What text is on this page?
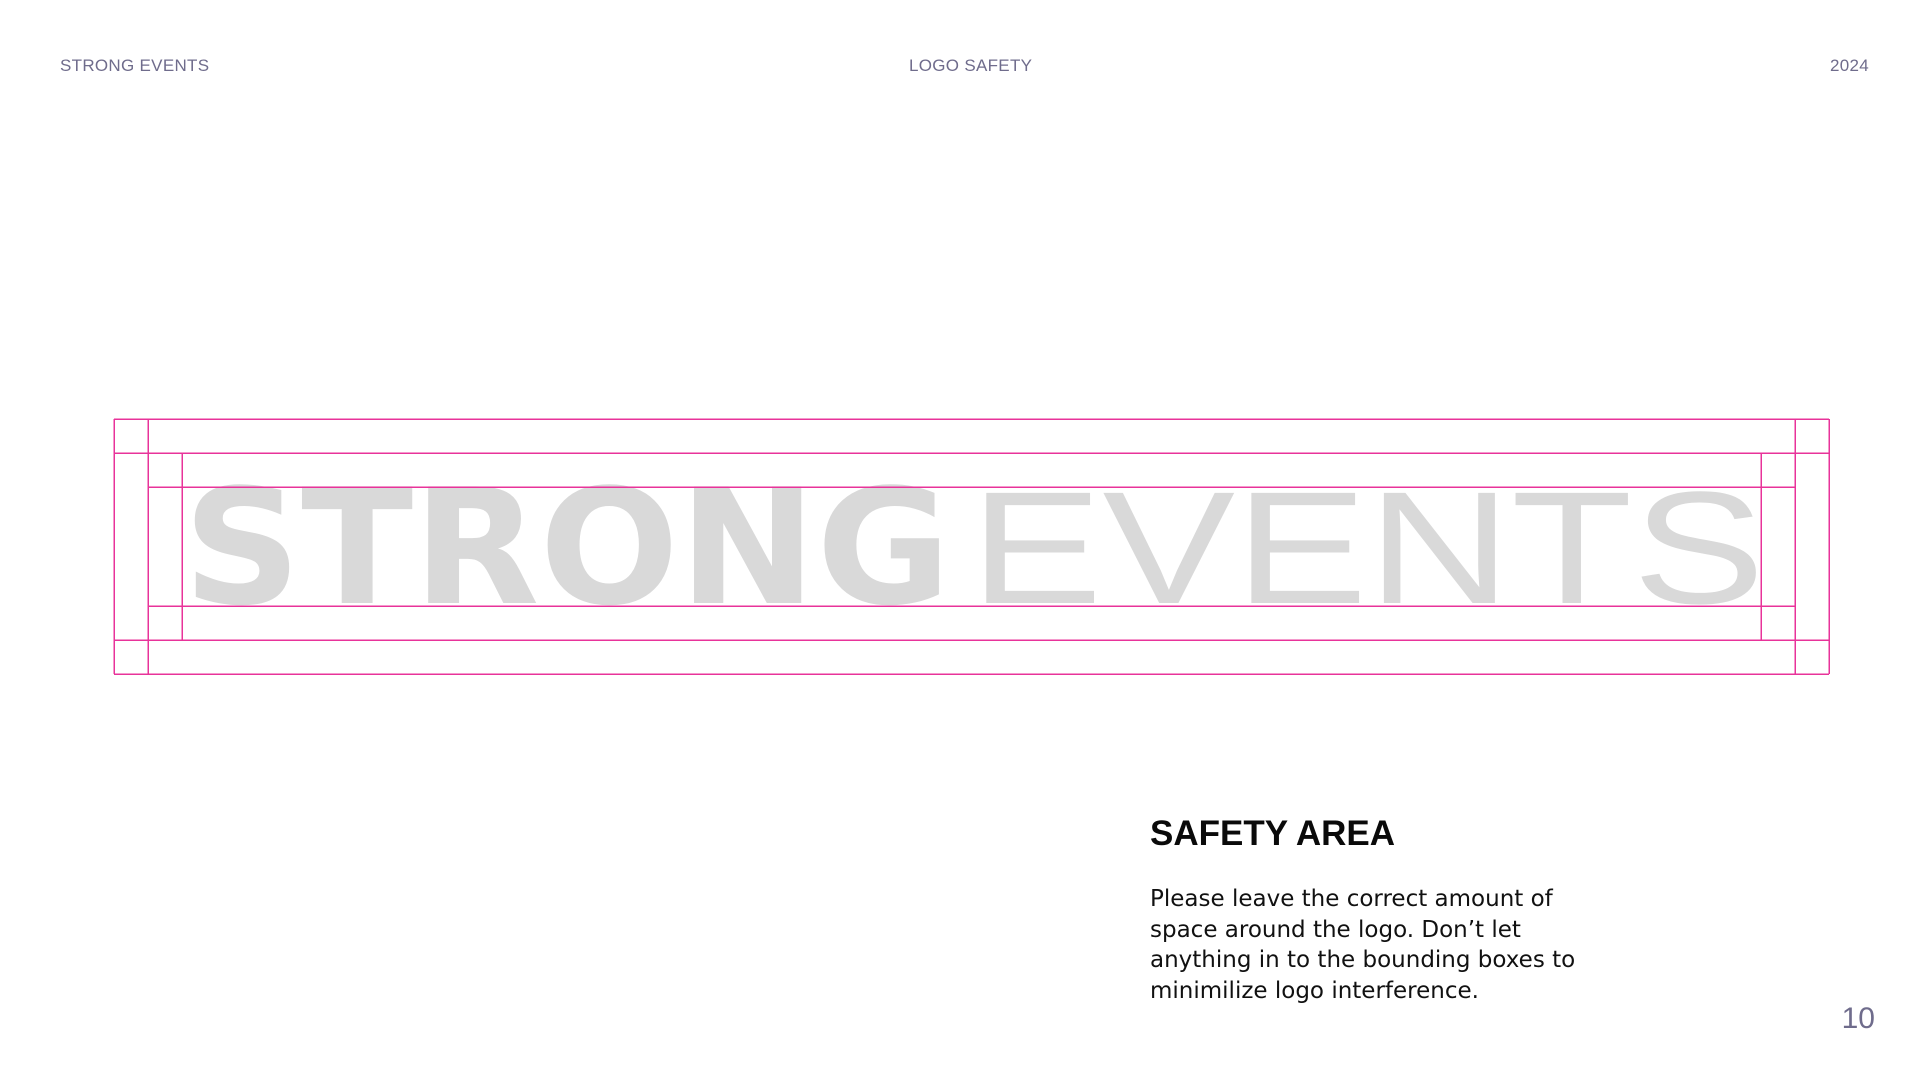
STRONG EVENTS	LOGO SAFETY	2024
STRONG EVENTS
SAFETY AREA

Please leave the correct amount of space around the logo. Don’t let anything in to the bounding boxes to minimilize logo interference.

10
